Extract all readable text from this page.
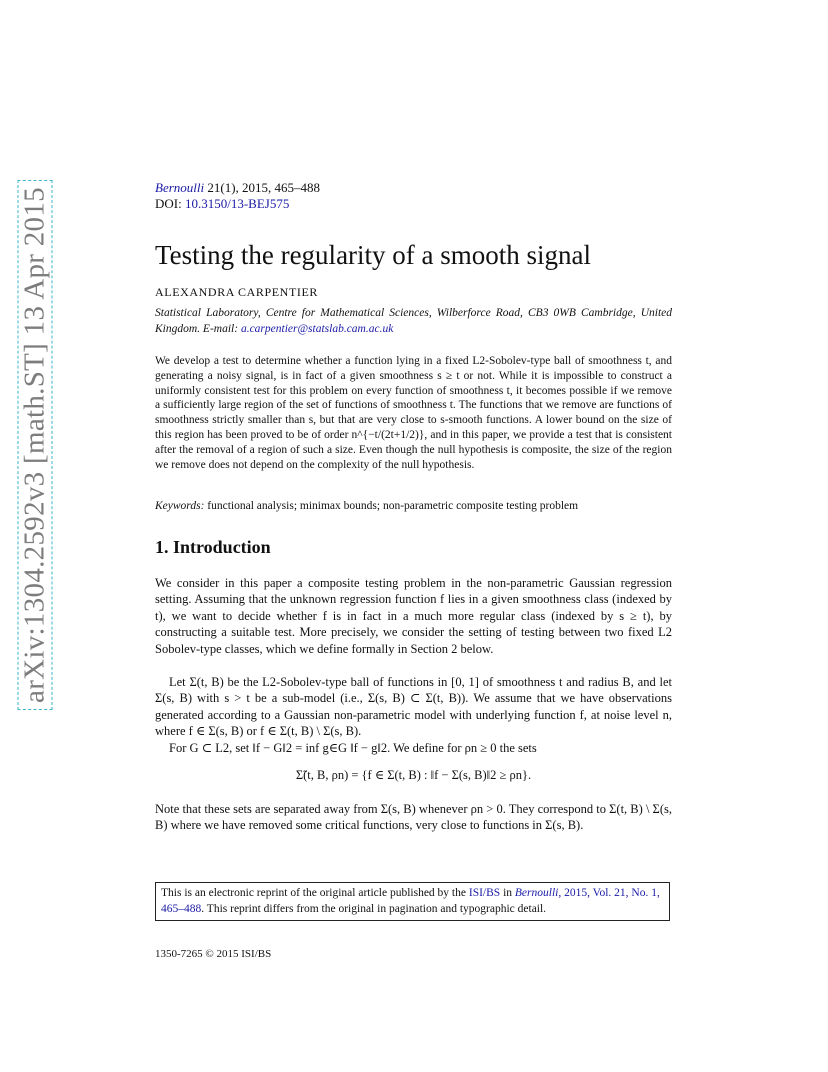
arXiv:1304.2592v3 [math.ST] 13 Apr 2015	Bernoulli 21(1), 2015, 465–488
DOI: 10.3150/13-BEJ575
Testing the regularity of a smooth signal
ALEXANDRA CARPENTIER
Statistical Laboratory, Centre for Mathematical Sciences, Wilberforce Road, CB3 0WB Cambridge, United Kingdom. E-mail: a.carpentier@statslab.cam.ac.uk
We develop a test to determine whether a function lying in a fixed L2-Sobolev-type ball of smoothness t, and generating a noisy signal, is in fact of a given smoothness s ≥ t or not. While it is impossible to construct a uniformly consistent test for this problem on every function of smoothness t, it becomes possible if we remove a sufficiently large region of the set of functions of smoothness t. The functions that we remove are functions of smoothness strictly smaller than s, but that are very close to s-smooth functions. A lower bound on the size of this region has been proved to be of order n^{−t/(2t+1/2)}, and in this paper, we provide a test that is consistent after the removal of a region of such a size. Even though the null hypothesis is composite, the size of the region we remove does not depend on the complexity of the null hypothesis.
Keywords: functional analysis; minimax bounds; non-parametric composite testing problem
1. Introduction
We consider in this paper a composite testing problem in the non-parametric Gaussian regression setting. Assuming that the unknown regression function f lies in a given smoothness class (indexed by t), we want to decide whether f is in fact in a much more regular class (indexed by s ≥ t), by constructing a suitable test. More precisely, we consider the setting of testing between two fixed L2 Sobolev-type classes, which we define formally in Section 2 below.
Let Σ(t, B) be the L2-Sobolev-type ball of functions in [0, 1] of smoothness t and radius B, and let Σ(s, B) with s > t be a sub-model (i.e., Σ(s, B) ⊂ Σ(t, B)). We assume that we have observations generated according to a Gaussian non-parametric model with underlying function f, at noise level n, where f ∈ Σ(s, B) or f ∈ Σ(t, B) \ Σ(s, B).
For G ⊂ L2, set ‖f − G‖2 = inf g∈G ‖f − g‖2. We define for ρn ≥ 0 the sets
Σ̃(t, B, ρn) = {f ∈ Σ(t, B) : ‖f − Σ(s, B)‖2 ≥ ρn}.
Note that these sets are separated away from Σ(s, B) whenever ρn > 0. They correspond to Σ(t, B) \ Σ(s, B) where we have removed some critical functions, very close to functions in Σ(s, B).
This is an electronic reprint of the original article published by the ISI/BS in Bernoulli, 2015, Vol. 21, No. 1, 465–488. This reprint differs from the original in pagination and typographic detail.
1350-7265 © 2015 ISI/BS
